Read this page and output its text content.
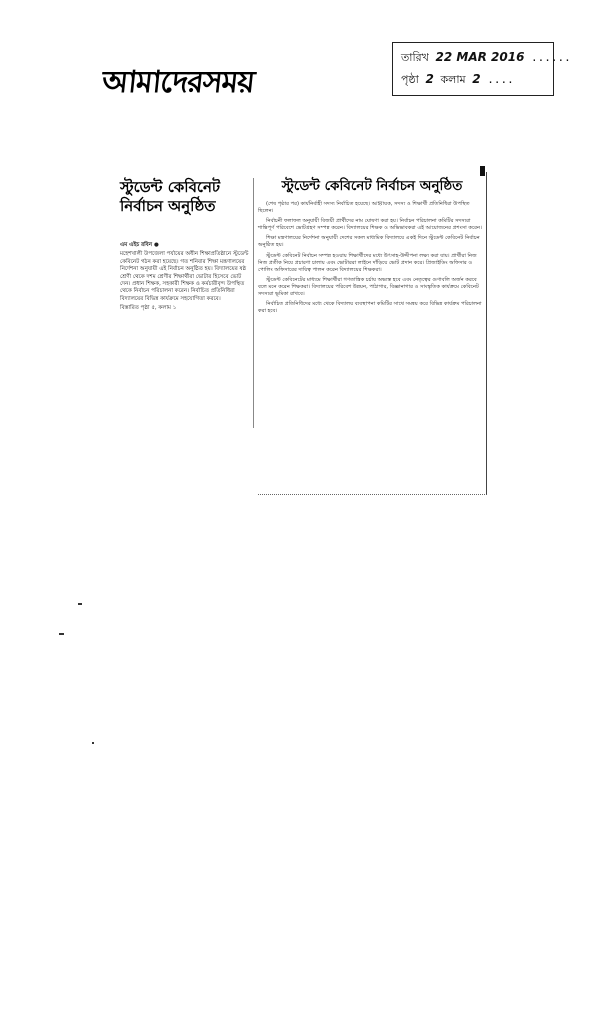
আমাদেরসময়
তারিখ 22 MAR 2016 ......
পৃষ্ঠা 2 কলাম 2 ....
স্টুডেন্ট কেবিনেট নির্বাচন অনুষ্ঠিত
এম এইচ রবিন ●
মহেশখালী উপজেলা পর্যায়ের অধীন শিক্ষাপ্রতিষ্ঠানে স্টুডেন্ট কেবিনেট গঠন করা হয়েছে। গত শনিবার শিক্ষা মন্ত্রণালয়ের নির্দেশনা অনুযায়ী এই নির্বাচন অনুষ্ঠিত হয়। বিদ্যালয়ের ষষ্ঠ শ্রেণী থেকে দশম শ্রেণীর শিক্ষার্থীরা ভোটার হিসেবে ভোট দেন। প্রধান শিক্ষক, সহকারী শিক্ষক ও কর্মচারীবৃন্দ উপস্থিত থেকে নির্বাচন পরিচালনা করেন। নির্বাচিত প্রতিনিধিরা বিদ্যালয়ের বিভিন্ন কার্যক্রমে সহযোগিতা করবে।
বিস্তারিত পৃষ্ঠা ৫, কলাম ১
স্টুডেন্ট কেবিনেট নির্বাচন অনুষ্ঠিত

(শেষ পৃষ্ঠার পর) কার্যনির্বাহী সদস্য নির্বাচিত হয়েছে। আহ্বায়ক, সদস্য ও শিক্ষার্থী প্রতিনিধিরা উপস্থিত ছিলেন।

নির্বাচনী ফলাফল অনুযায়ী বিজয়ী প্রার্থীদের নাম ঘোষণা করা হয়। নির্বাচন পরিচালনা কমিটির সদস্যরা শান্তিপূর্ণ পরিবেশে ভোটগ্রহণ সম্পন্ন করেন। বিদ্যালয়ের শিক্ষক ও অভিভাবকরা এই আয়োজনের প্রশংসা করেন।

শিক্ষা মন্ত্রণালয়ের নির্দেশনা অনুযায়ী দেশের সকল মাধ্যমিক বিদ্যালয়ে একই দিনে স্টুডেন্ট কেবিনেট নির্বাচন অনুষ্ঠিত হয়।

স্টুডেন্ট কেবিনেট নির্বাচন সম্পন্ন হওয়ায় শিক্ষার্থীদের মধ্যে উৎসাহ-উদ্দীপনা লক্ষ্য করা যায়। প্রার্থীরা নিজ নিজ প্রতীক নিয়ে প্রচারণা চালায় এবং ভোটাররা লাইনে দাঁড়িয়ে ভোট প্রদান করে। প্রিজাইডিং অফিসার ও পোলিং অফিসারের দায়িত্ব পালন করেন বিদ্যালয়ের শিক্ষকরা।

স্টুডেন্ট কেবিনেটের মাধ্যমে শিক্ষার্থীরা গণতান্ত্রিক চর্চায় অভ্যস্ত হবে এবং নেতৃত্বের গুণাবলি অর্জন করবে বলে মনে করেন শিক্ষকরা। বিদ্যালয়ের পরিবেশ উন্নয়ন, পাঠাগার, বিজ্ঞানাগার ও সাংস্কৃতিক কার্যক্রমে কেবিনেট সদস্যরা ভূমিকা রাখবে।

নির্বাচিত প্রতিনিধিদের মধ্যে থেকে বিদ্যালয় ব্যবস্থাপনা কমিটির সাথে সমন্বয় করে বিভিন্ন কার্যক্রম পরিচালনা করা হবে।
